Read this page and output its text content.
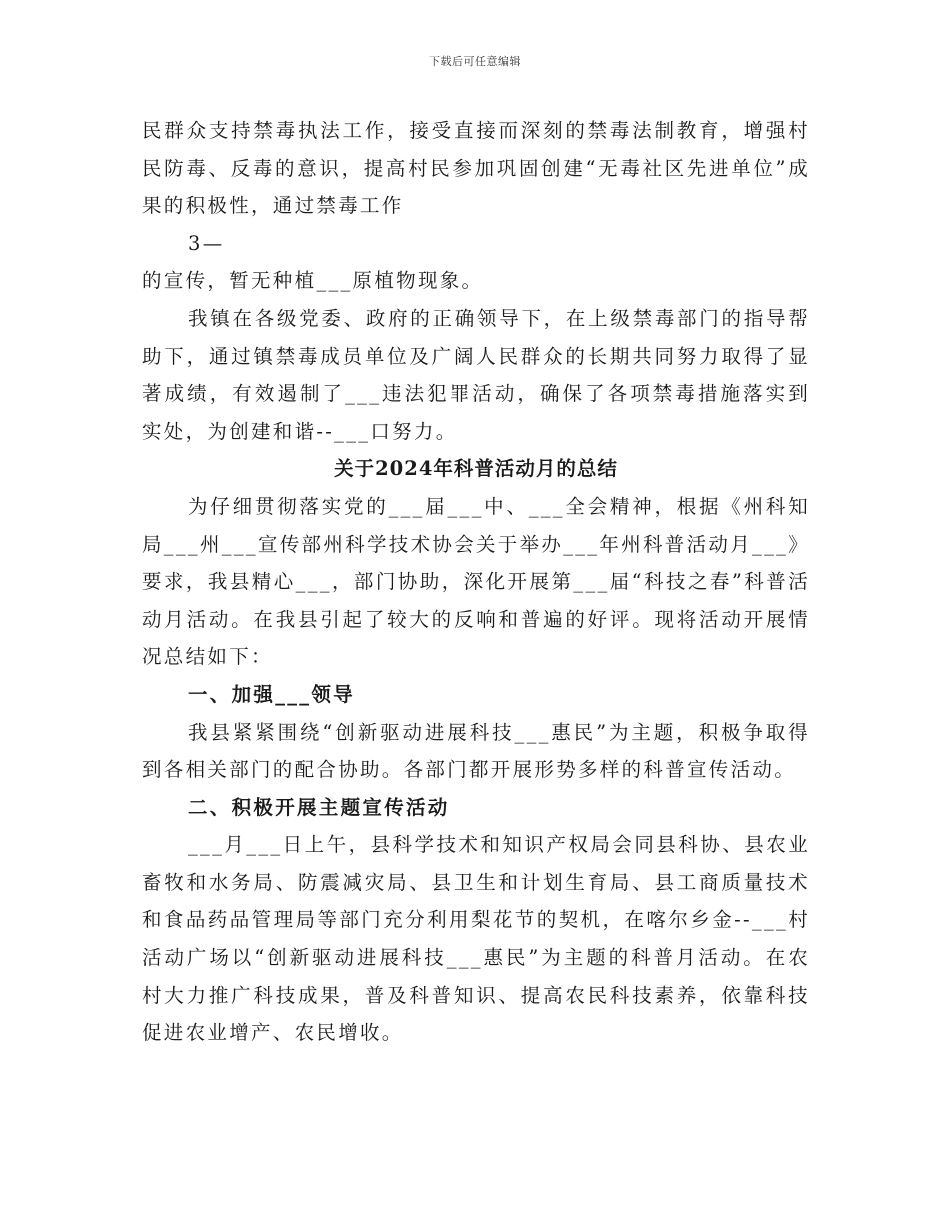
下载后可任意编辑

民群众支持禁毒执法工作，接受直接而深刻的禁毒法制教育，增强村民防毒、反毒的意识，提高村民参加巩固创建“无毒社区先进单位”成果的积极性，通过禁毒工作

3—

的宣传，暂无种植___原植物现象。

我镇在各级党委、政府的正确领导下，在上级禁毒部门的指导帮助下，通过镇禁毒成员单位及广阔人民群众的长期共同努力取得了显著成绩，有效遏制了___违法犯罪活动，确保了各项禁毒措施落实到实处，为创建和谐--___口努力。

关于2024年科普活动月的总结

为仔细贯彻落实党的___届___中、___全会精神，根据《州科知局___州___宣传部州科学技术协会关于举办___年州科普活动月___》要求，我县精心___，部门协助，深化开展第___届“科技之春”科普活动月活动。在我县引起了较大的反响和普遍的好评。现将活动开展情况总结如下：

一、加强___领导

我县紧紧围绕“创新驱动进展科技___惠民”为主题，积极争取得到各相关部门的配合协助。各部门都开展形势多样的科普宣传活动。

二、积极开展主题宣传活动

___月___日上午，县科学技术和知识产权局会同县科协、县农业畜牧和水务局、防震减灾局、县卫生和计划生育局、县工商质量技术和食品药品管理局等部门充分利用梨花节的契机，在喀尔乡金--___村活动广场以“创新驱动进展科技___惠民”为主题的科普月活动。在农村大力推广科技成果，普及科普知识、提高农民科技素养，依靠科技促进农业增产、农民增收。
